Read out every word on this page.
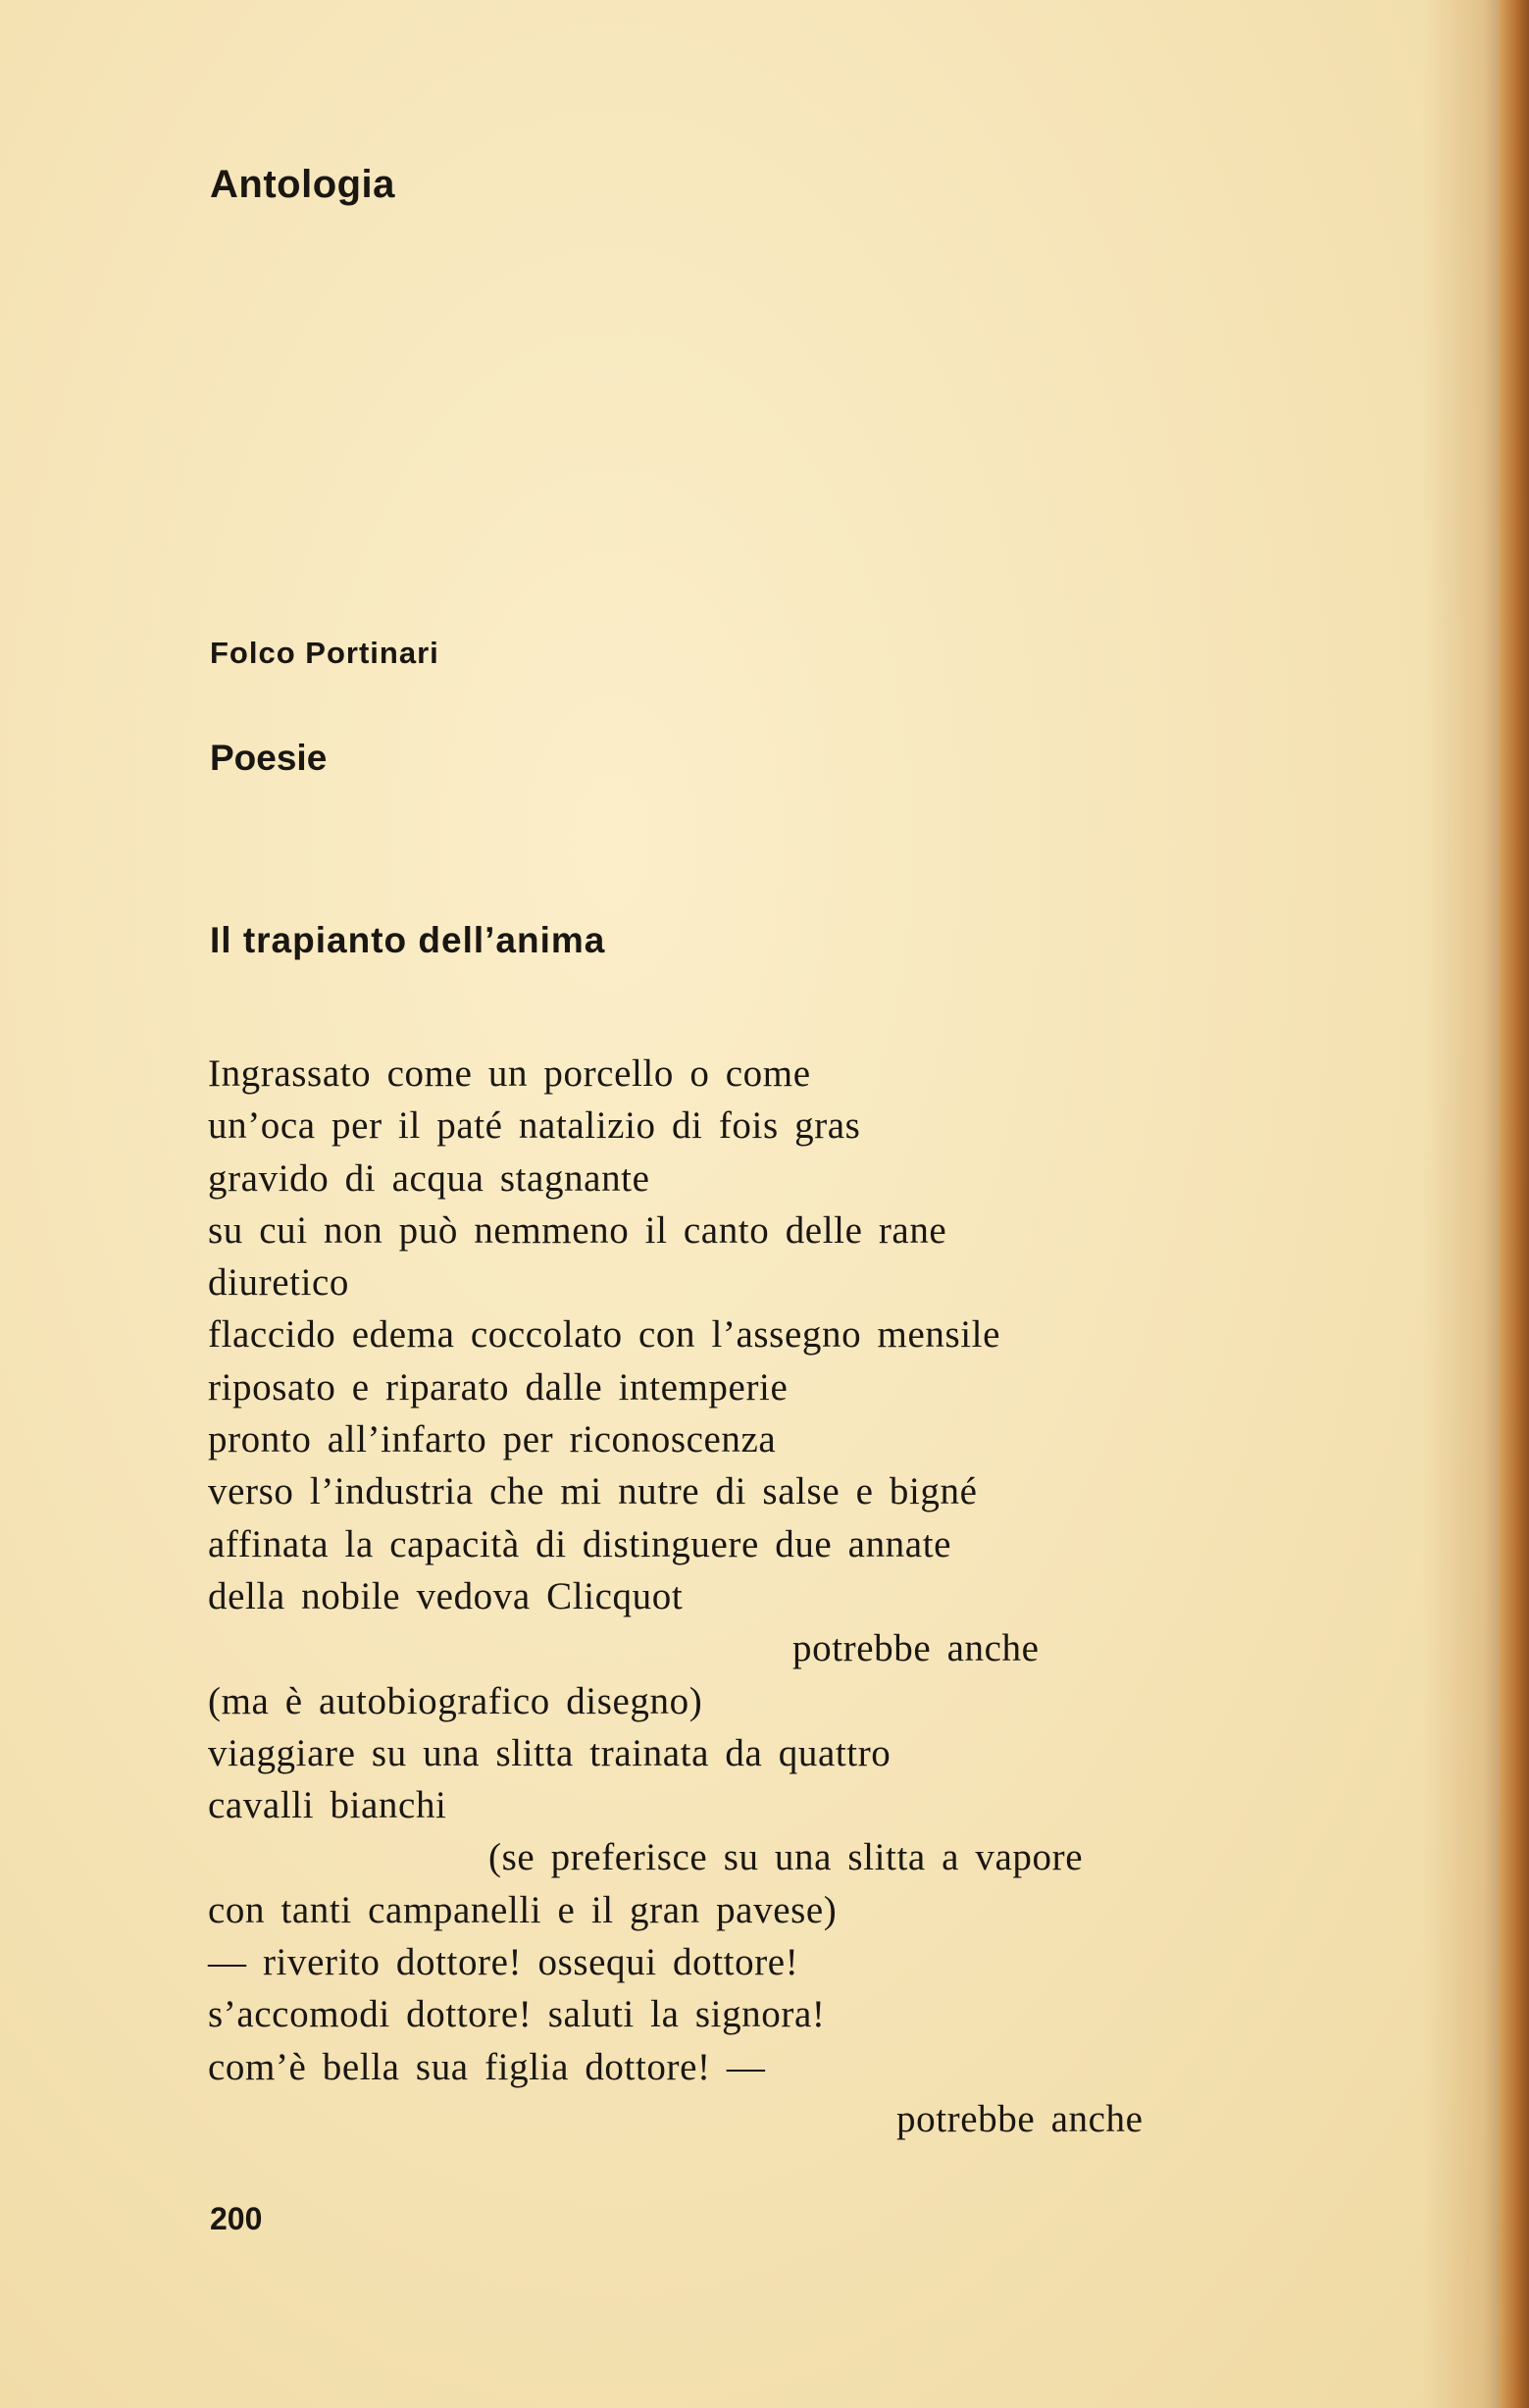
Antologia
Folco Portinari
Poesie
Il trapianto dell’anima
Ingrassato come un porcello o come
un’oca per il paté natalizio di fois gras
gravido di acqua stagnante
su cui non può nemmeno il canto delle rane
diuretico
flaccido edema coccolato con l’assegno mensile
riposato e riparato dalle intemperie
pronto all’infarto per riconoscenza
verso l’industria che mi nutre di salse e bigné
affinata la capacità di distinguere due annate
della nobile vedova Clicquot
potrebbe anche
(ma è autobiografico disegno)
viaggiare su una slitta trainata da quattro
cavalli bianchi
(se preferisce su una slitta a vapore
con tanti campanelli e il gran pavese)
— riverito dottore! ossequi dottore!
s’accomodi dottore! saluti la signora!
com’è bella sua figlia dottore! —
potrebbe anche
200
